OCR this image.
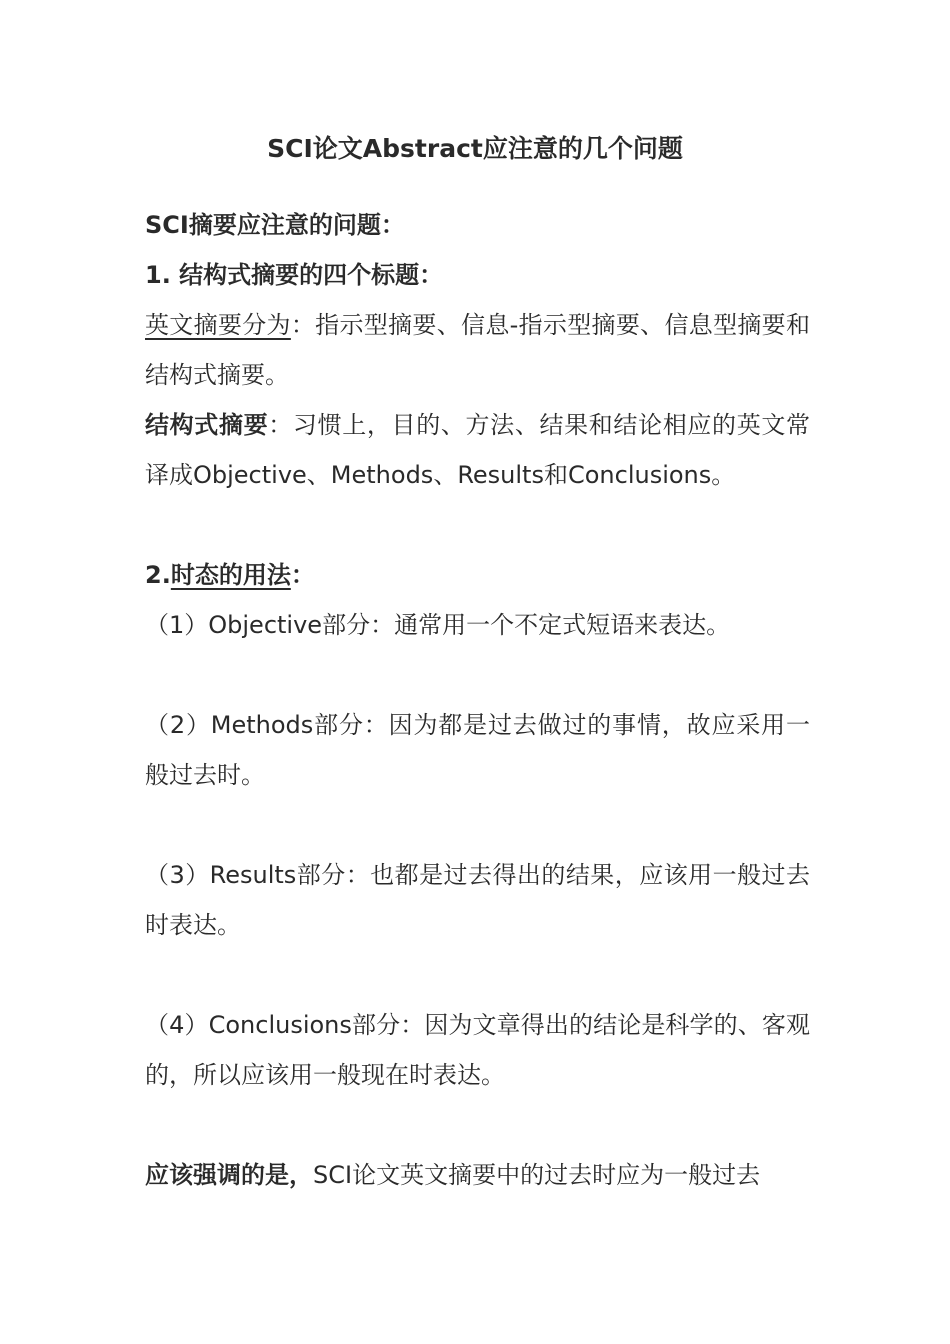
SCI论文Abstract应注意的几个问题

SCI摘要应注意的问题：

1. 结构式摘要的四个标题：

英文摘要分为：指示型摘要、信息-指示型摘要、信息型摘要和结构式摘要。

结构式摘要：习惯上，目的、方法、结果和结论相应的英文常译成Objective、Methods、Results和Conclusions。

2.时态的用法：

（1）Objective部分：通常用一个不定式短语来表达。

（2）Methods部分：因为都是过去做过的事情，故应采用一般过去时。

（3）Results部分：也都是过去得出的结果，应该用一般过去时表达。

（4）Conclusions部分：因为文章得出的结论是科学的、客观的，所以应该用一般现在时表达。

应该强调的是，SCI论文英文摘要中的过去时应为一般过去
